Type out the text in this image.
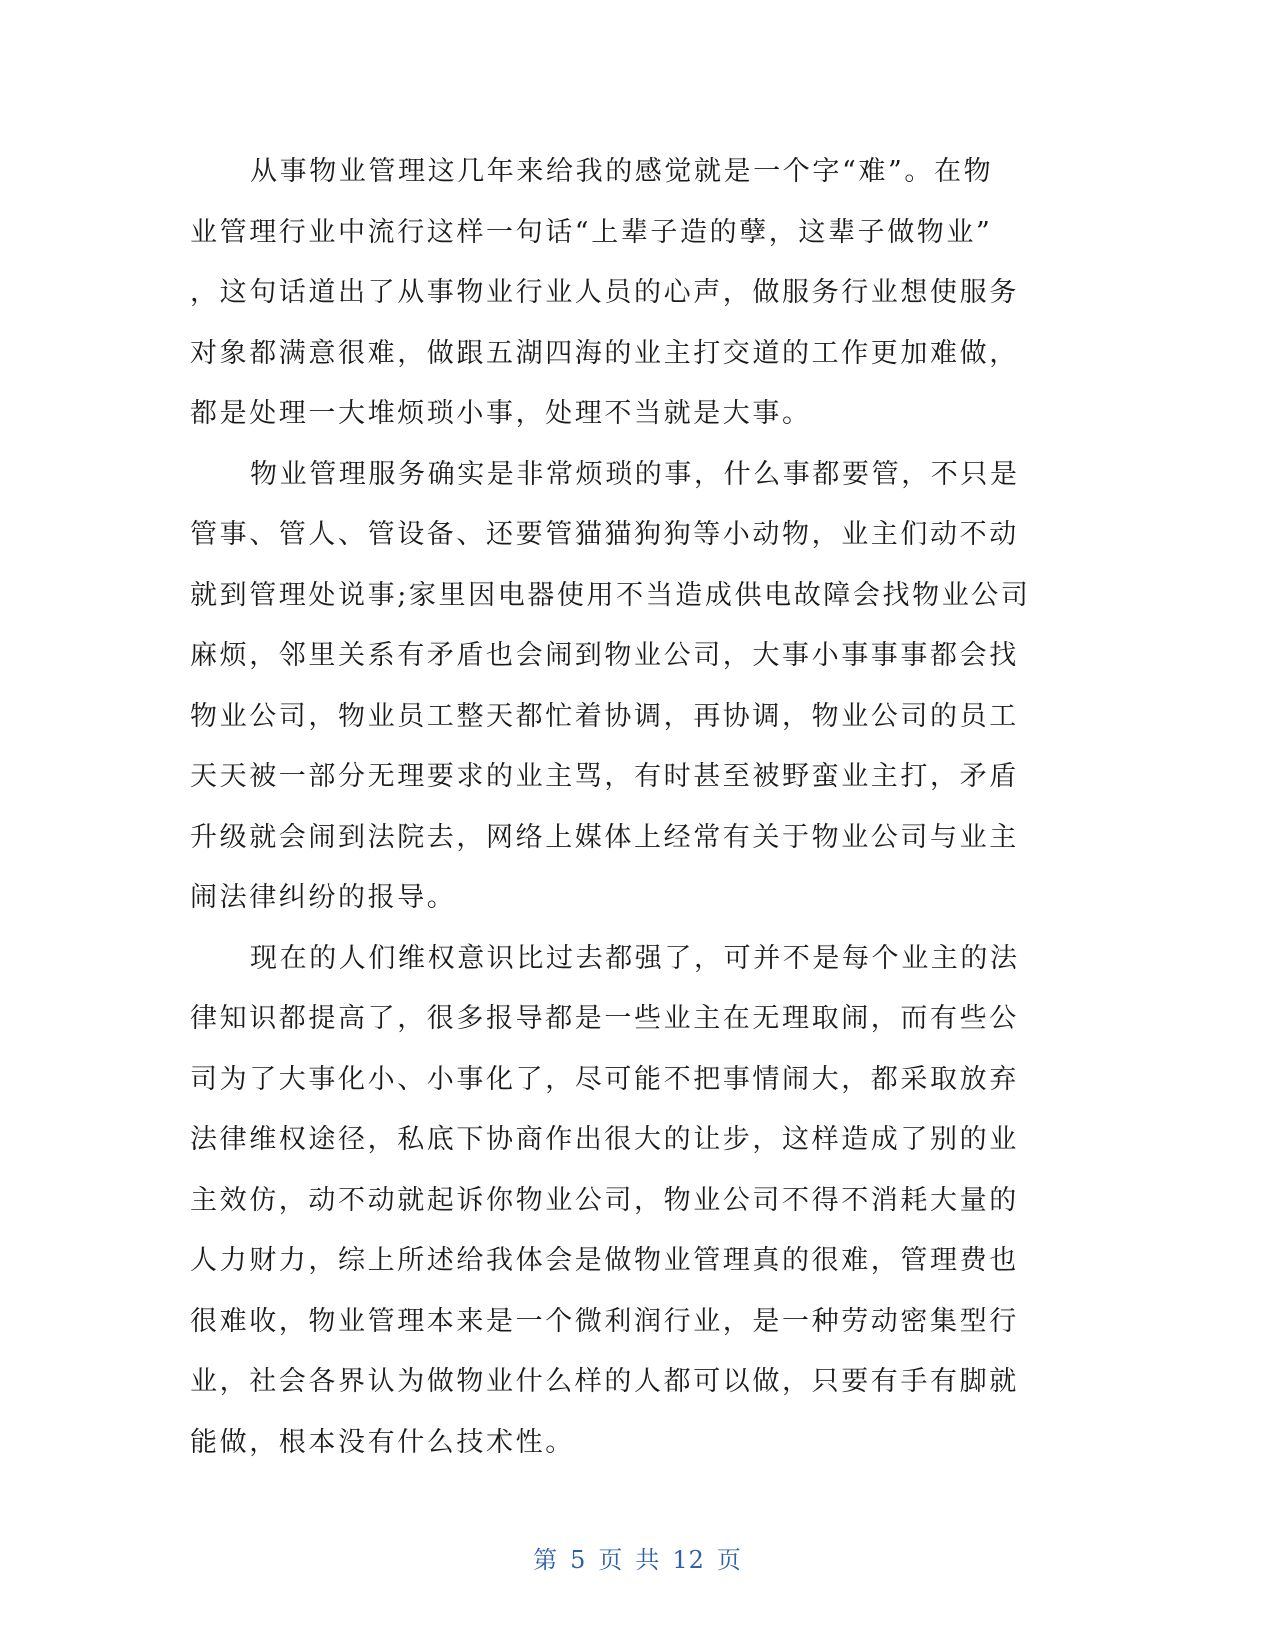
从事物业管理这几年来给我的感觉就是一个字“难”。在物
业管理行业中流行这样一句话“上辈子造的孽，这辈子做物业”
，这句话道出了从事物业行业人员的心声，做服务行业想使服务
对象都满意很难，做跟五湖四海的业主打交道的工作更加难做，
都是处理一大堆烦琐小事，处理不当就是大事。
物业管理服务确实是非常烦琐的事，什么事都要管，不只是
管事、管人、管设备、还要管猫猫狗狗等小动物，业主们动不动
就到管理处说事;家里因电器使用不当造成供电故障会找物业公司
麻烦，邻里关系有矛盾也会闹到物业公司，大事小事事事都会找
物业公司，物业员工整天都忙着协调，再协调，物业公司的员工
天天被一部分无理要求的业主骂，有时甚至被野蛮业主打，矛盾
升级就会闹到法院去，网络上媒体上经常有关于物业公司与业主
闹法律纠纷的报导。
现在的人们维权意识比过去都强了，可并不是每个业主的法
律知识都提高了，很多报导都是一些业主在无理取闹，而有些公
司为了大事化小、小事化了，尽可能不把事情闹大，都采取放弃
法律维权途径，私底下协商作出很大的让步，这样造成了别的业
主效仿，动不动就起诉你物业公司，物业公司不得不消耗大量的
人力财力，综上所述给我体会是做物业管理真的很难，管理费也
很难收，物业管理本来是一个微利润行业，是一种劳动密集型行
业，社会各界认为做物业什么样的人都可以做，只要有手有脚就
能做，根本没有什么技术性。
第 5 页 共 12 页
